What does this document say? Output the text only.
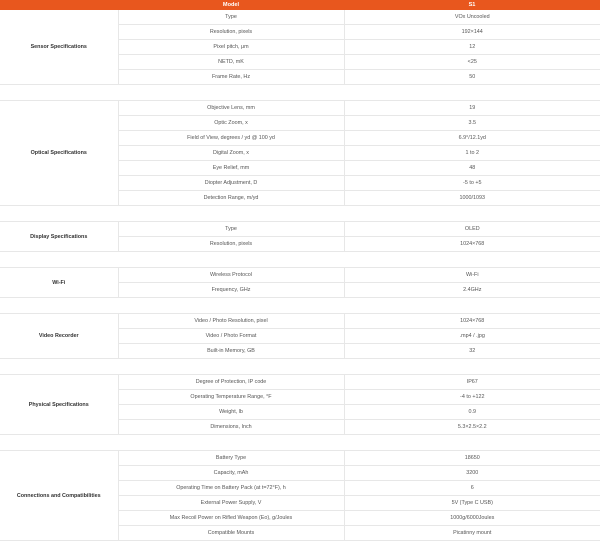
	Model	S1
Sensor Specifications	Type	VOx Uncooled
	Resolution, pixels	192×144
	Pixel pitch, μm	12
	NETD, mK	<25
	Frame Rate, Hz	50

Optical Specifications	Objective Lens, mm	19
	Optic Zoom, x	3.5
	Field of View, degrees / yd @ 100 yd	6.9°/12.1yd
	Digital Zoom, x	1 to 2
	Eye Relief, mm	48
	Diopter Adjustment, D	-5 to +5
	Detection Range, m/yd	1000/1093

Display Specifications	Type	OLED
	Resolution, pixels	1024×768

Wi-Fi	Wireless Protocol	Wi-Fi
	Frequency, GHz	2.4GHz

Video Recorder	Video / Photo Resolution, pixel	1024×768
	Video / Photo Format	.mp4 / .jpg
	Built-in Memory, GB	32

Physical Specifications	Degree of Protection, IP code	IP67
	Operating Temperature Range, °F	-4 to +122
	Weight, lb	0.9
	Dimensions, Inch	5.3×2.5×2.2

Connections and Compatibilities	Battery Type	18650
	Capacity, mAh	3200
	Operating Time on Battery Pack (at t=72°F), h	6
	External Power Supply, V	5V (Type C USB)
	Max Recoil Power on Rifled Weapon (Eo), g/Joules	1000g/6000Joules
	Compatible Mounts	Picatinny mount
